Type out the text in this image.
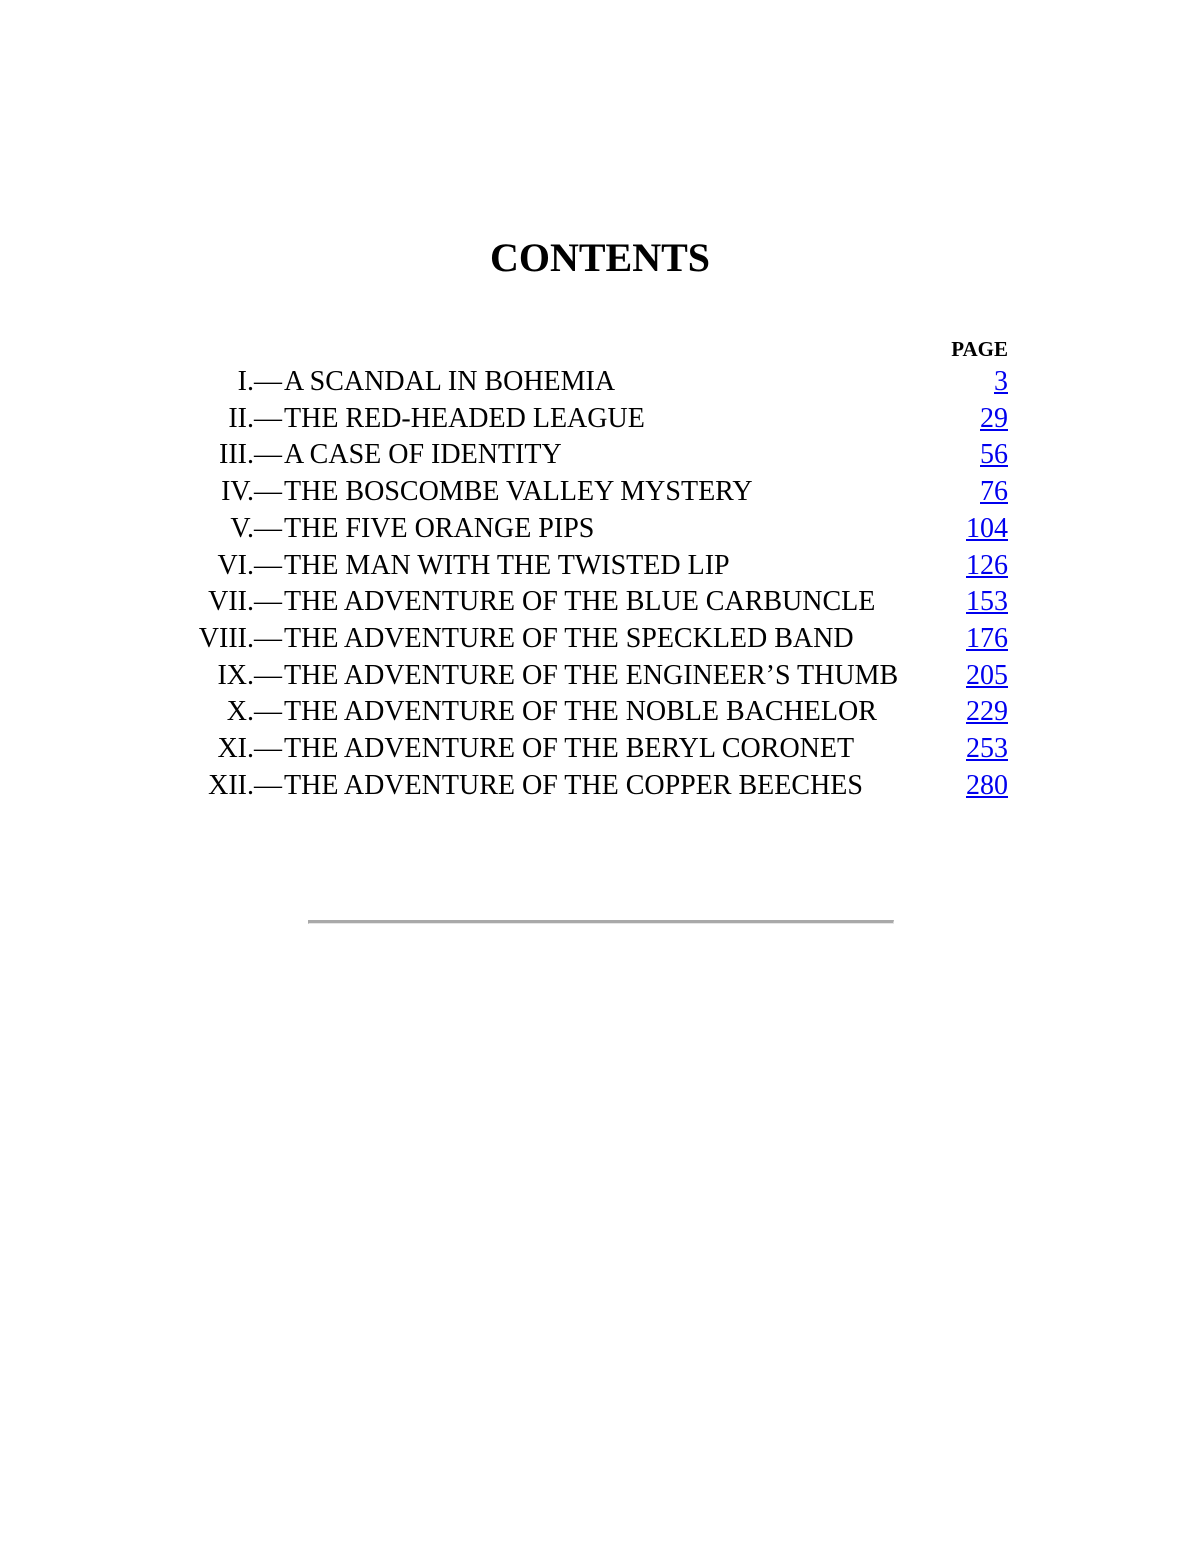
CONTENTS
			PAGE
I.	—	A SCANDAL IN BOHEMIA	3
II.	—	THE RED-HEADED LEAGUE	29
III.	—	A CASE OF IDENTITY	56
IV.	—	THE BOSCOMBE VALLEY MYSTERY	76
V.	—	THE FIVE ORANGE PIPS	104
VI.	—	THE MAN WITH THE TWISTED LIP	126
VII.	—	THE ADVENTURE OF THE BLUE CARBUNCLE	153
VIII.	—	THE ADVENTURE OF THE SPECKLED BAND	176
IX.	—	THE ADVENTURE OF THE ENGINEER’S THUMB	205
X.	—	THE ADVENTURE OF THE NOBLE BACHELOR	229
XI.	—	THE ADVENTURE OF THE BERYL CORONET	253
XII.	—	THE ADVENTURE OF THE COPPER BEECHES	280
